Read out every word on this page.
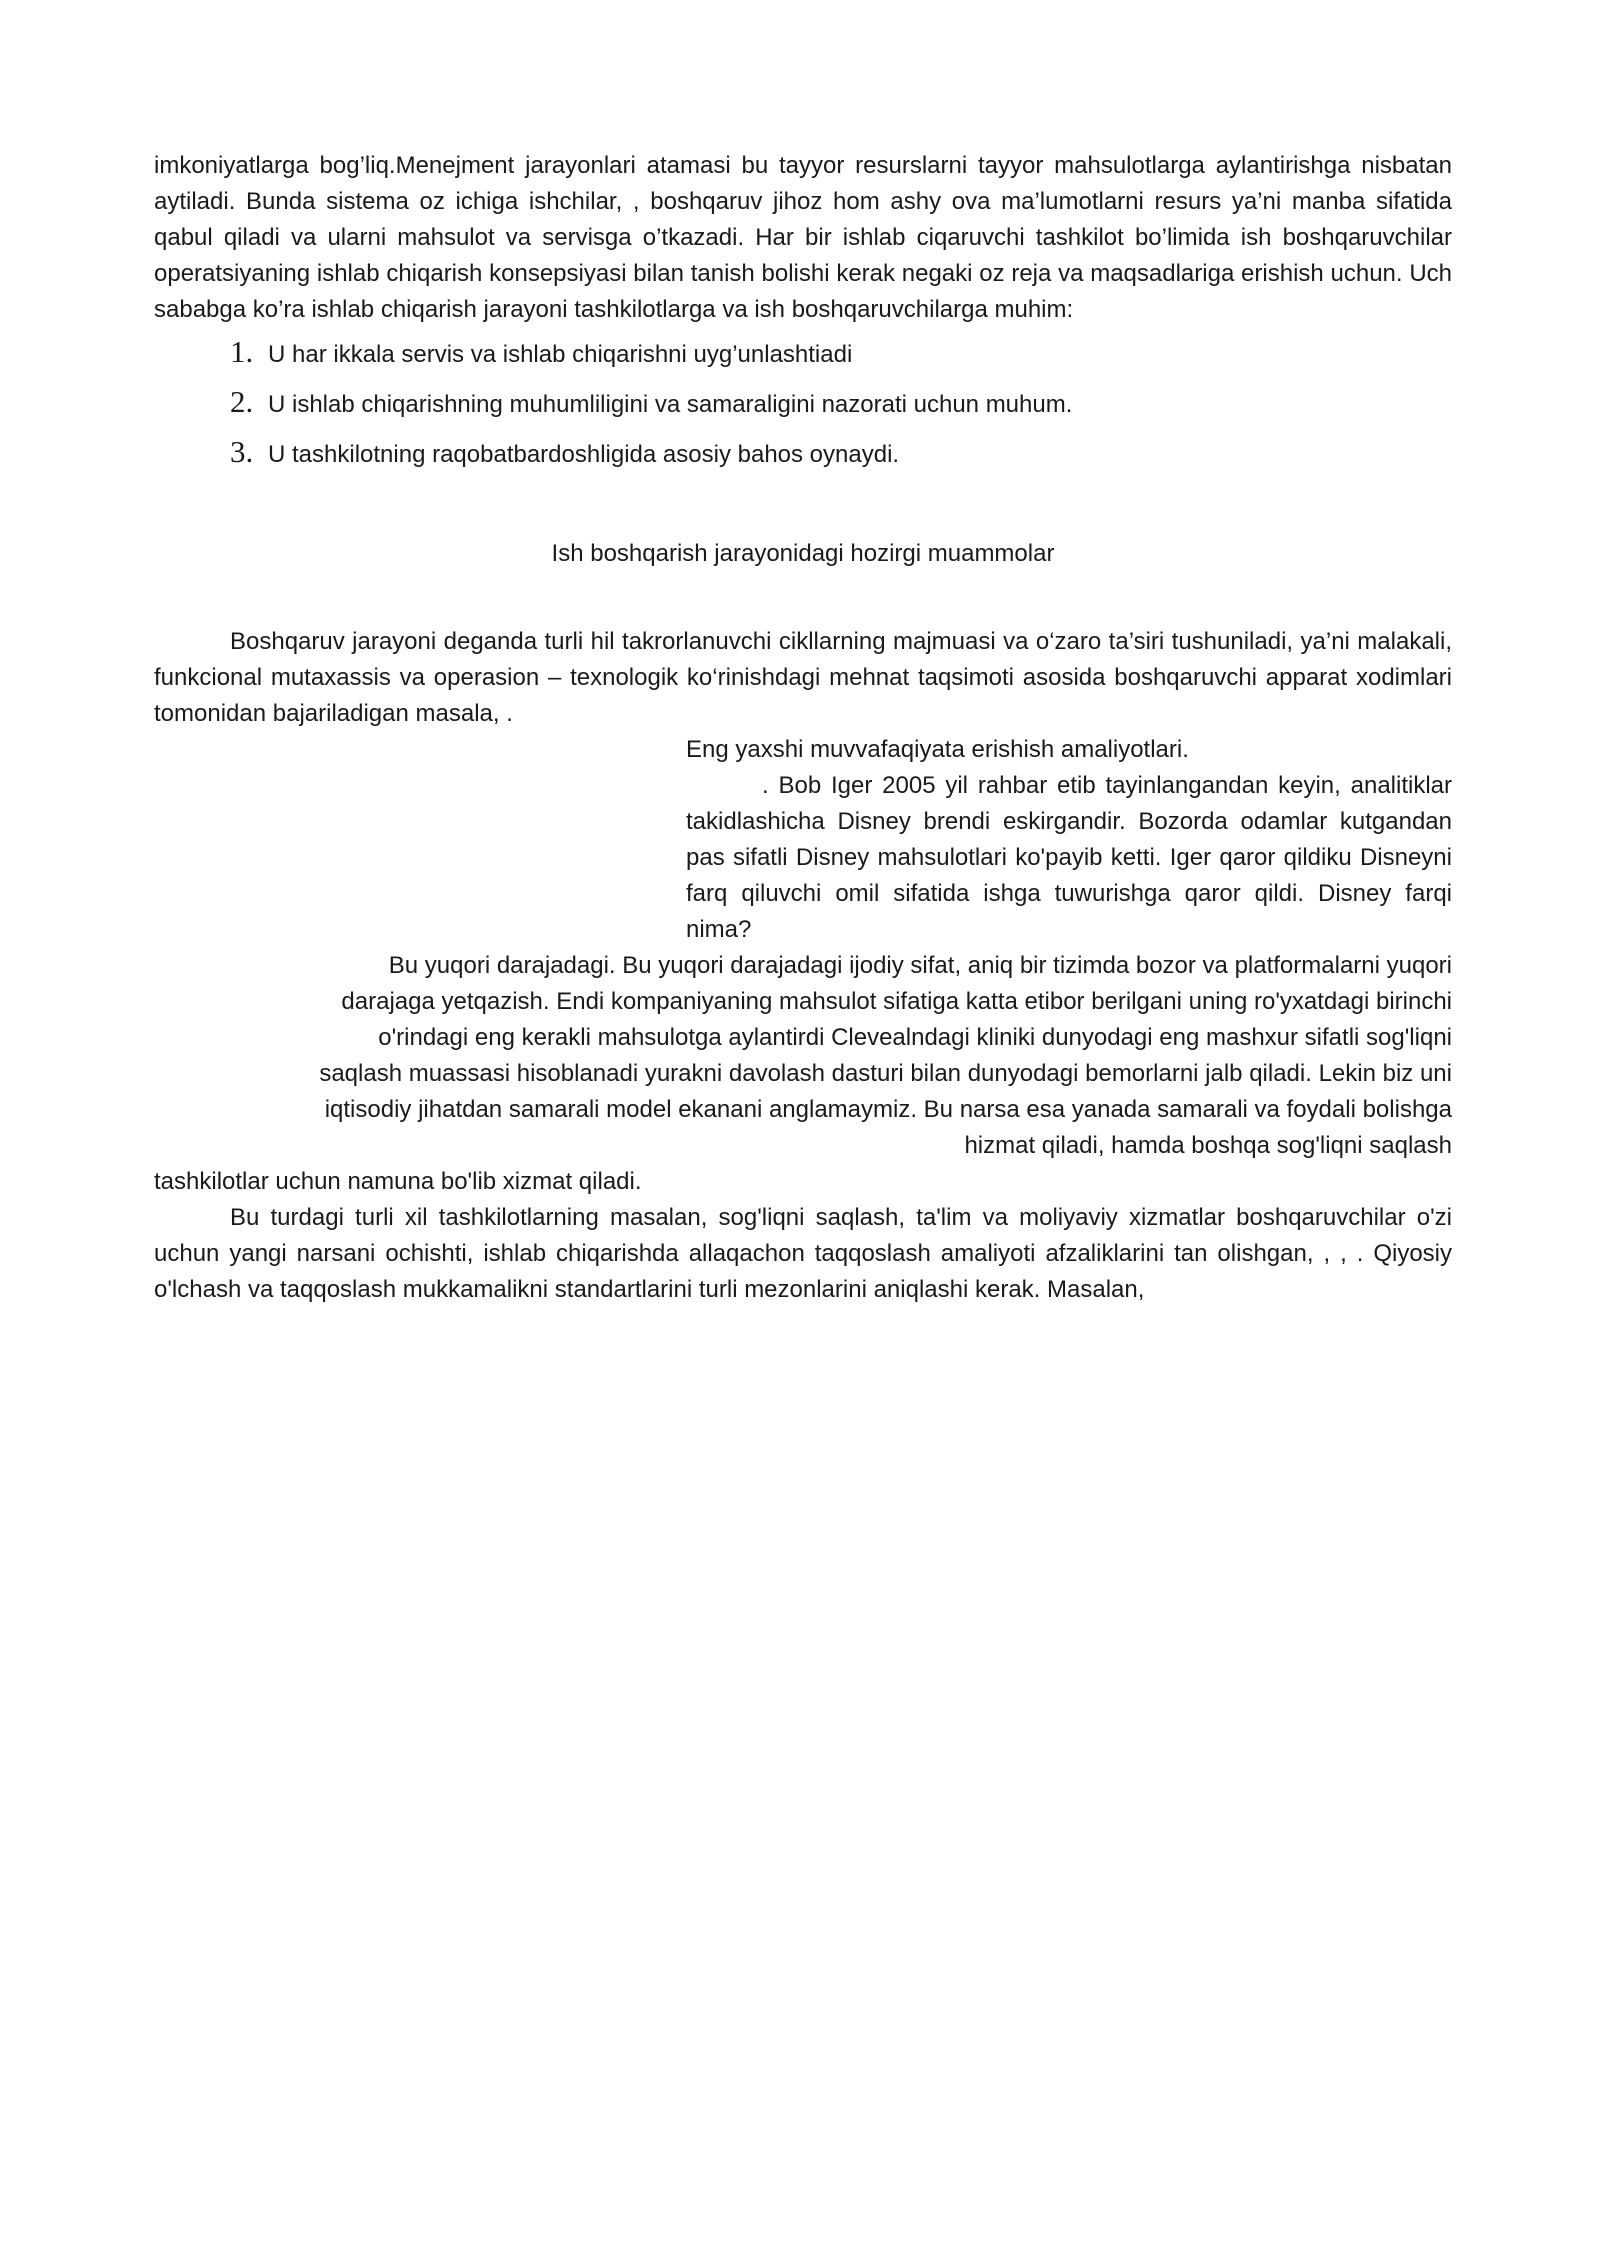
imkoniyatlarga bog’liq.Menejment jarayonlari atamasi bu tayyor resurslarni tayyor mahsulotlarga aylantirishga nisbatan aytiladi. Bunda sistema oz ichiga ishchilar, , boshqaruv jihoz hom ashy ova ma’lumotlarni resurs ya’ni manba sifatida qabul qiladi va ularni mahsulot va servisga o’tkazadi. Har bir ishlab ciqaruvchi tashkilot bo’limida ish boshqaruvchilar operatsiyaning ishlab chiqarish konsepsiyasi bilan tanish bolishi kerak negaki oz reja va maqsadlariga erishish uchun. Uch sababga ko’ra ishlab chiqarish jarayoni tashkilotlarga va ish boshqaruvchilarga muhim:

1. U har ikkala servis va ishlab chiqarishni uyg’unlashtiadi
2. U ishlab chiqarishning muhumliligini va samaraligini nazorati uchun muhum.
3. U tashkilotning raqobatbardoshligida asosiy bahos oynaydi.

Ish boshqarish jarayonidagi hozirgi muammolar

Boshqaruv jarayoni deganda turli hil takrorlanuvchi cikllarning majmuasi va o‘zaro ta’siri tushuniladi, ya’ni malakali, funkcional mutaxassis va operasion – texnologik ko‘rinishdagi mehnat taqsimoti asosida boshqaruvchi apparat xodimlari tomonidan bajariladigan masala, .

Eng yaxshi muvvafaqiyata erishish amaliyotlari.

. Bob Iger 2005 yil rahbar etib tayinlangandan keyin, analitiklar takidlashicha Disney brendi eskirgandir. Bozorda odamlar kutgandan pas sifatli Disney mahsulotlari ko'payib ketti. Iger qaror qildiku Disneyni farq qiluvchi omil sifatida ishga tuwurishga qaror qildi. Disney farqi nima?

Bu yuqori darajadagi. Bu yuqori darajadagi ijodiy sifat, aniq bir tizimda bozor va platformalarni yuqori

darajaga yetqazish. Endi kompaniyaning mahsulot sifatiga katta etibor berilgani uning ro'yxatdagi birinchi

o'rindagi eng kerakli mahsulotga aylantirdi Clevealndagi kliniki dunyodagi eng mashxur sifatli sog'liqni

saqlash muassasi hisoblanadi yurakni davolash dasturi bilan dunyodagi bemorlarni jalb qiladi. Lekin biz uni

iqtisodiy jihatdan samarali model ekanani anglamaymiz. Bu narsa esa yanada samarali va foydali bolishga

hizmat qiladi, hamda boshqa sog'liqni saqlash

tashkilotlar uchun namuna bo'lib xizmat qiladi.

Bu turdagi turli xil tashkilotlarning masalan, sog'liqni saqlash, ta'lim va moliyaviy xizmatlar boshqaruvchilar o'zi uchun yangi narsani ochishti, ishlab chiqarishda allaqachon taqqoslash amaliyoti afzaliklarini tan olishgan, , , . Qiyosiy o'lchash va taqqoslash mukkamalikni standartlarini turli mezonlarini aniqlashi kerak. Masalan,
